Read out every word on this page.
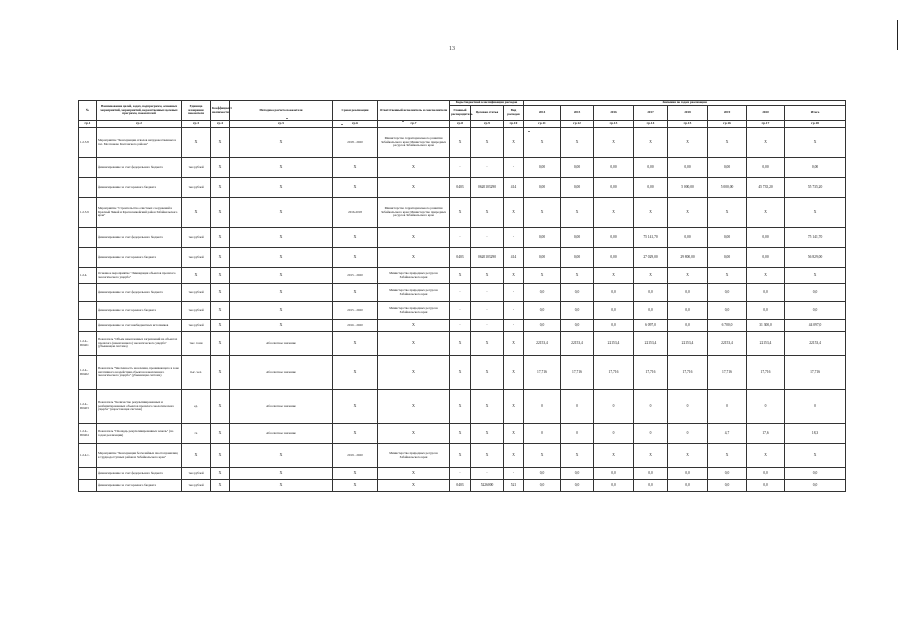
13
№	Наименование целей, задач, подпрограмм, основных мероприятий, мероприятий, ведомственных целевых программ, показателей	Единица измерения показателя	Коэффициент значимости	Методика расчета показателя	Сроки реализации	Ответственный исполнитель и соисполнители	Коды бюджетной классификации расходов			Значения по годам реализации							
							Главный распорядитель	Целевая статья	Вид расходов	2014	2015	2016	2017	2018	2019	2020	Итого
гр.1	гр.2	гр.3	гр.4	гр.5	гр.6	гр.7	гр.8	гр.9	гр.10	гр.11	гр.12	гр.13	гр.14	гр.15	гр.16	гр.17	гр.18
1.2.3.8	Мероприятие "Консервация отвалов нехудожественных в п.п. Молчаново Калганского района"	X	X	X	2018 - 2020	Министерство территориального развития Забайкальского края; Министерство природных ресурсов Забайкальского края	X	X	X	X	X	X	X	X	X	X	X
	финансирование за счет федерального бюджета	тыс.рублей	X	X	X	X	-	-	-	0,00	0,00	0,00	0,00	0,00	0,00	0,00	0,00
	финансирование за счет краевого бюджета	тыс.рублей	X	X	X	X	0403	0620103290	414	0,00	0,00	0,00	0,00	5 000,00	5 000,00	45 735,20	55 735,20
1.2.3.9	Мероприятие "Строительство очистных сооружений в Красный Чикой и Красночикойский район Забайкальского края"	X	X	X	2016-2018	Министерство территориального развития Забайкальского края; Министерство природных ресурсов Забайкальского края	X	X	X	X	X	X	X	X	X	X	X
	финансирование за счет федерального бюджета	тыс.рублей	X	X	X	X	-	-	-	0,00	0,00	0,00	75 141,70	0,00	0,00	0,00	75 141,70
	финансирование за счет краевого бюджета	тыс.рублей	X	X	X	X	0403	0620103290	414	0,00	0,00	0,00	27 029,00	29 800,00	0,00	0,00	56 829,00
1.2.4.	Основное мероприятие "Ликвидация объектов прошлого экологического ущерба"	X	X	X	2015 - 2020	Министерство природных ресурсов Забайкальского края	X	X	X	X	X	X	X	X	X	X	X
	финансирование за счет федерального бюджета	тыс.рублей	X	X	X	Министерство природных ресурсов Забайкальского края	-	-	-	0,0	0,0	0,0	0,0	0,0	0,0	0,0	0,0
	финансирование за счет краевого бюджета	тыс.рублей	X	X	2015 - 2020	Министерство природных ресурсов Забайкальского края	-	-	-	0,0	0,0	0,0	0,0	0,0	0,0	0,0	0,0
	финансирование за счет внебюджетных источников	тыс.рублей	X	X	2016 - 2020	X	-	-	-	0,0	0,0	0,0	6 097,0	0,0	6 700,0	31 300,0	44 097,0
1.2.4.-П0401	Показатель "Объем накопленных загрязнений на объектах прошлого (накопленного) экологического ущерба" (убывающая система)	тыс. тонн	X	Абсолютное значение	X	X	X	X	X	22153,4	22153,4	22153,4	22153,4	22153,4	22153,4	22153,4	22153,4
1.2.4.-П0402	Показатель "Численность населения, проживающего в зоне негативного воздействия объектов накопленного экологического ущерба" (убывающая система)	тыс. чел.	X	Абсолютное значение	X	X	X	X	X	17,716	17,716	17,716	17,716	17,716	17,716	17,716	17,716
1.2.4.-П0403	Показатель "Количество рекультивированных и реабилитированных объектов прошлого экологического ущерба" (нарастающая система)	ед.	X	Абсолютное значение	X	X	X	X	X	0	0	0	0	0	0	0	0
1.2.4.-П0404	Показатель "Площадь рекультивированных земель" (по годам реализации)	га	X	Абсолютное значение	X	X	X	X	X	0	0	0	0	0	4,7	17,6	18,3
1.2.4.1.	Мероприятие "Консервация бесхозяйных хвостохранилищ в труднодоступных районах Забайкальского края"	X	X	X	2019 - 2020	Министерство природных ресурсов Забайкальского края	X	X	X	X	X	X	X	X	X	X	X
	финансирование за счет федерального бюджета	тыс.рублей	X	X	X	X	-	-	-	0,0	0,0	0,0	0,0	0,0	0,0	0,0	0,0
	финансирование за счет краевого бюджета	тыс.рублей	X	X	X	X	0403	5226000	521	0,0	0,0	0,0	0,0	0,0	0,0	0,0	0,0
